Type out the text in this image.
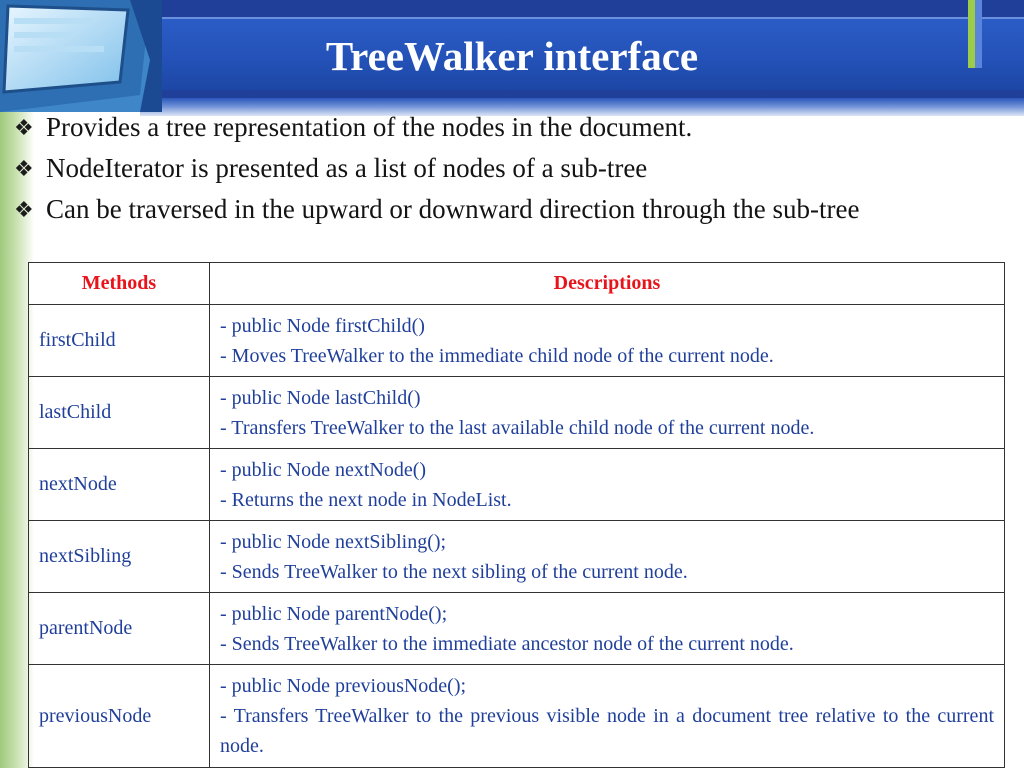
TreeWalker interface
❖ Provides a tree representation of the nodes in the document.
❖ NodeIterator is presented as a list of nodes of a sub-tree
❖ Can be traversed in the upward or downward direction through the sub-tree
Methods	Descriptions
firstChild	- public Node firstChild()
- Moves TreeWalker to the immediate child node of the current node.

lastChild	- public Node lastChild()
- Transfers TreeWalker to the last available child node of the current node.

nextNode	- public Node nextNode()
- Returns the next node in NodeList.

nextSibling	- public Node nextSibling();
- Sends TreeWalker to the next sibling of the current node.

parentNode	- public Node parentNode();
- Sends TreeWalker to the immediate ancestor node of the current node.

previousNode	- public Node previousNode();
- Transfers TreeWalker to the previous visible node in a document tree relative to the current node.
